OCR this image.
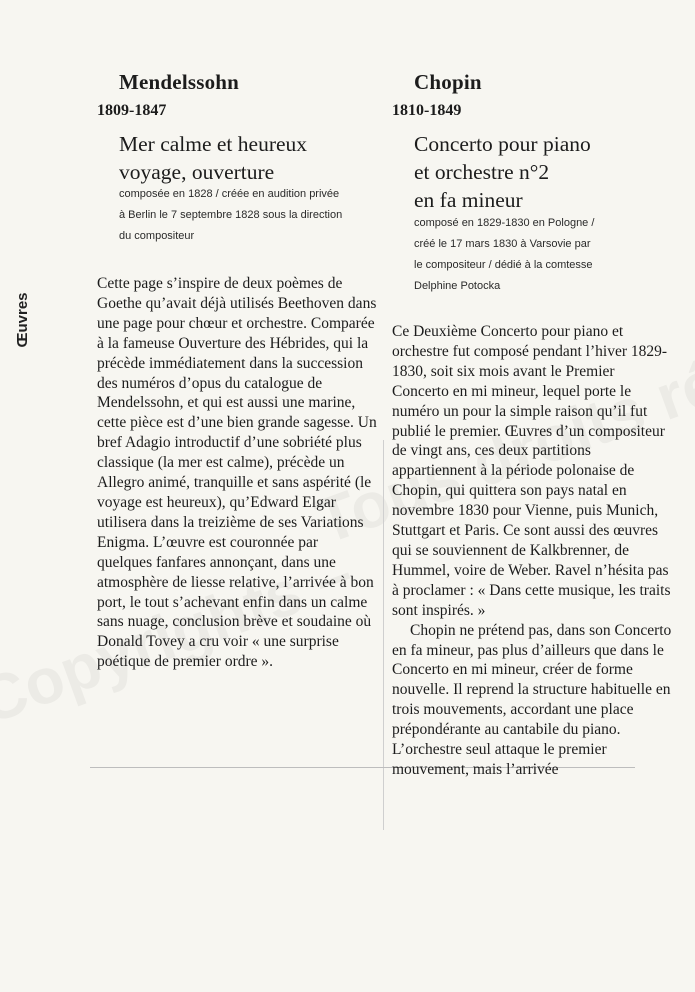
Œuvres
Mendelssohn
1809-1847
Mer calme et heureux
voyage, ouverture
composée en 1828 / créée en audition privée
à Berlin le 7 septembre 1828 sous la direction
du compositeur

Cette page s’inspire de deux poèmes de Goethe qu’avait déjà utilisés Beethoven dans une page pour chœur et orchestre. Comparée à la fameuse Ouverture des Hébrides, qui la précède immédiatement dans la succession des numéros d’opus du catalogue de Mendelssohn, et qui est aussi une marine, cette pièce est d’une bien grande sagesse. Un bref Adagio introductif d’une sobriété plus classique (la mer est calme), précède un Allegro animé, tranquille et sans aspérité (le voyage est heureux), qu’Edward Elgar utilisera dans la treizième de ses Variations Enigma. L’œuvre est couronnée par quelques fanfares annonçant, dans une atmosphère de liesse relative, l’arrivée à bon port, le tout s’achevant enfin dans un calme sans nuage, conclusion brève et soudaine où Donald Tovey a cru voir « une surprise poétique de premier ordre ».

Chopin
1810-1849
Concerto pour piano
et orchestre n°2
en fa mineur
composé en 1829-1830 en Pologne /
créé le 17 mars 1830 à Varsovie par
le compositeur / dédié à la comtesse
Delphine Potocka

Ce Deuxième Concerto pour piano et orchestre fut composé pendant l’hiver 1829-1830, soit six mois avant le Premier Concerto en mi mineur, lequel porte le numéro un pour la simple raison qu’il fut publié le premier. Œuvres d’un compositeur de vingt ans, ces deux partitions appartiennent à la période polonaise de Chopin, qui quittera son pays natal en novembre 1830 pour Vienne, puis Munich, Stuttgart et Paris. Ce sont aussi des œuvres qui se souviennent de Kalkbrenner, de Hummel, voire de Weber. Ravel n’hésita pas à proclamer : « Dans cette musique, les traits sont inspirés. »

Chopin ne prétend pas, dans son Concerto en fa mineur, pas plus d’ailleurs que dans le Concerto en mi mineur, créer de forme nouvelle. Il reprend la structure habituelle en trois mouvements, accordant une place prépondérante au cantabile du piano. L’orchestre seul attaque le premier mouvement, mais l’arrivée
